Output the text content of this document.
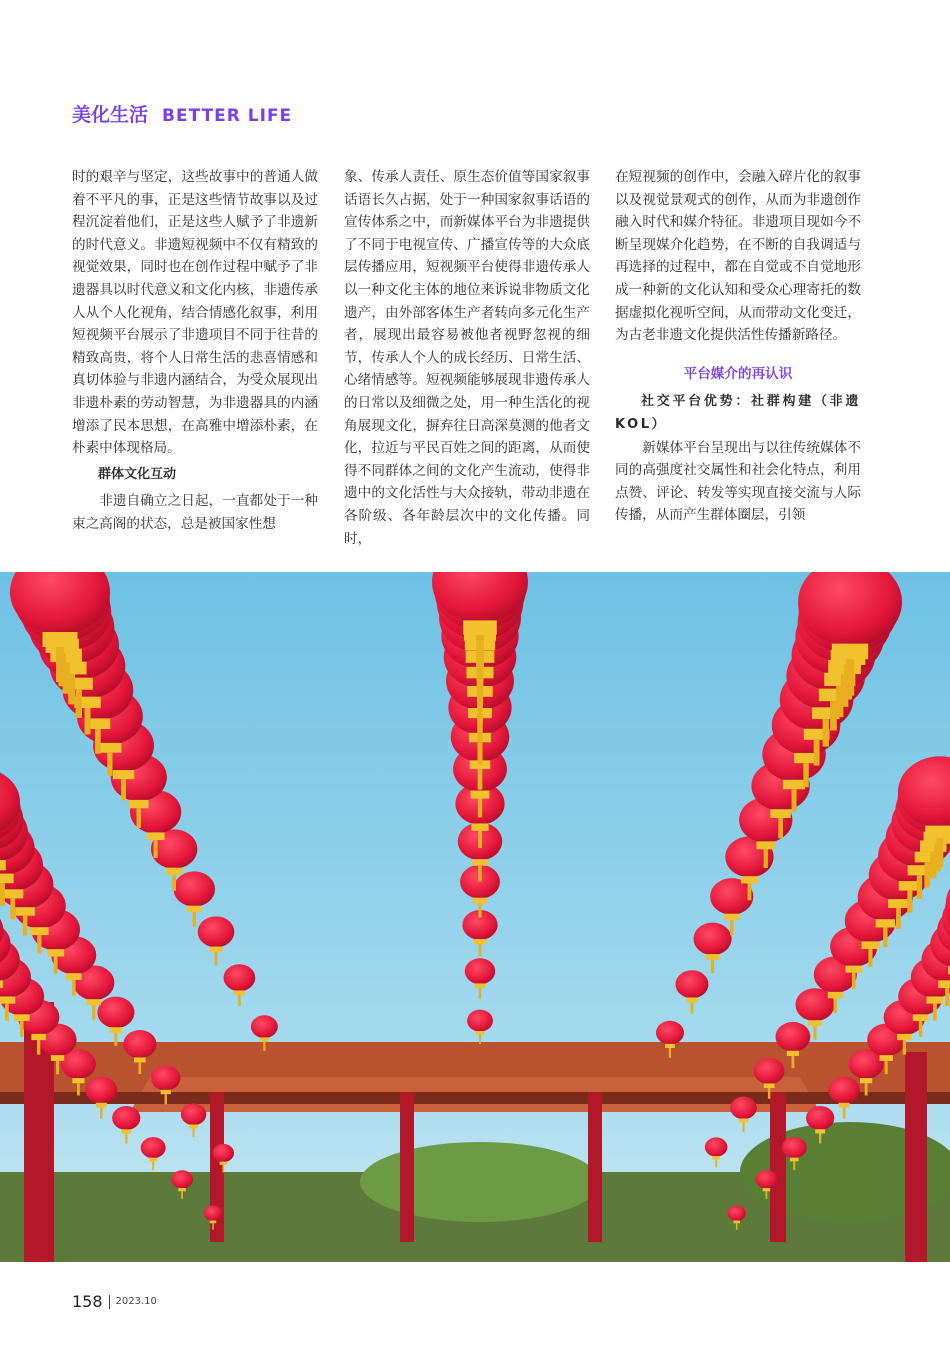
美化生活 BETTER LIFE

时的艰辛与坚定，这些故事中的普通人做着不平凡的事，正是这些情节故事以及过程沉淀着他们，正是这些人赋予了非遗新的时代意义。非遗短视频中不仅有精致的视觉效果，同时也在创作过程中赋予了非遗器具以时代意义和文化内核，非遗传承人从个人化视角，结合情感化叙事，利用短视频平台展示了非遗项目不同于往昔的精致高贵，将个人日常生活的悲喜情感和真切体验与非遗内涵结合，为受众展现出非遗朴素的劳动智慧，为非遗器具的内涵增添了民本思想，在高雅中增添朴素，在朴素中体现格局。

群体文化互动

非遗自确立之日起，一直都处于一种束之高阁的状态，总是被国家性想

象、传承人责任、原生态价值等国家叙事话语长久占据，处于一种国家叙事话语的宣传体系之中，而新媒体平台为非遗提供了不同于电视宣传、广播宣传等的大众底层传播应用，短视频平台使得非遗传承人以一种文化主体的地位来诉说非物质文化遗产，由外部客体生产者转向多元化生产者，展现出最容易被他者视野忽视的细节，传承人个人的成长经历、日常生活、心绪情感等。短视频能够展现非遗传承人的日常以及细微之处，用一种生活化的视角展现文化，摒弃往日高深莫测的他者文化，拉近与平民百姓之间的距离，从而使得不同群体之间的文化产生流动，使得非遗中的文化活性与大众接轨，带动非遗在各阶级、各年龄层次中的文化传播。同时，

在短视频的创作中，会融入碎片化的叙事以及视觉景观式的创作，从而为非遗创作融入时代和媒介特征。非遗项目现如今不断呈现媒介化趋势，在不断的自我调适与再选择的过程中，都在自觉或不自觉地形成一种新的文化认知和受众心理寄托的数据虚拟化视听空间，从而带动文化变迁，为古老非遗文化提供活性传播新路径。

平台媒介的再认识

社交平台优势：社群构建（非遗KOL）

新媒体平台呈现出与以往传统媒体不同的高强度社交属性和社会化特点，利用点赞、评论、转发等实现直接交流与人际传播，从而产生群体圈层，引领

158 2023.10
